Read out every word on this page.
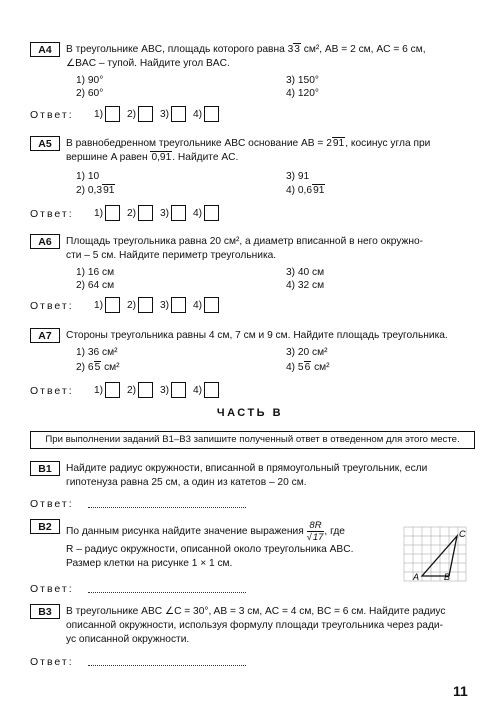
A4	В треугольнике ABC, площадь которого равна 33 см², AB = 2 см, AC = 6 см,
∠BAC – тупой. Найдите угол BAC.
1) 90°
2) 60°
3) 150°
4) 120°
Ответ: 1) 2) 3) 4)
A5	В равнобедренном треугольнике ABC основание AB = 291, косинус угла при
вершине A равен 0,91. Найдите AC.
1) 10
2) 0,391
3) 91
4) 0,691
Ответ: 1) 2) 3) 4)
A6	Площадь треугольника равна 20 см², а диаметр вписанной в него окружно-
сти – 5 см. Найдите периметр треугольника.
1) 16 см
2) 64 см
3) 40 см
4) 32 см
Ответ: 1) 2) 3) 4)
A7	Стороны треугольника равны 4 см, 7 см и 9 см. Найдите площадь треугольника.
1) 36 см²
2) 65 см²
3) 20 см²
4) 56 см²
Ответ: 1) 2) 3) 4)
ЧАСТЬ B
При выполнении заданий B1–B3 запишите полученный ответ в отведенном для этого месте.
B1	Найдите радиус окружности, вписанной в прямоугольный треугольник, если
гипотенуза равна 25 см, а один из катетов – 20 см.
Ответ:
B2	По данным рисунка найдите значение выражения $\frac{8R}{√17}$ , где
R – радиус окружности, описанной около треугольника ABC.
Размер клетки на рисунке 1 × 1 см.
A	B
C
Ответ:
B3	В треугольнике ABC ∠C = 30°, AB = 3 см, AC = 4 см, BC = 6 см. Найдите радиус
описанной окружности, используя формулу площади треугольника через ради-
ус описанной окружности.
Ответ:
11
